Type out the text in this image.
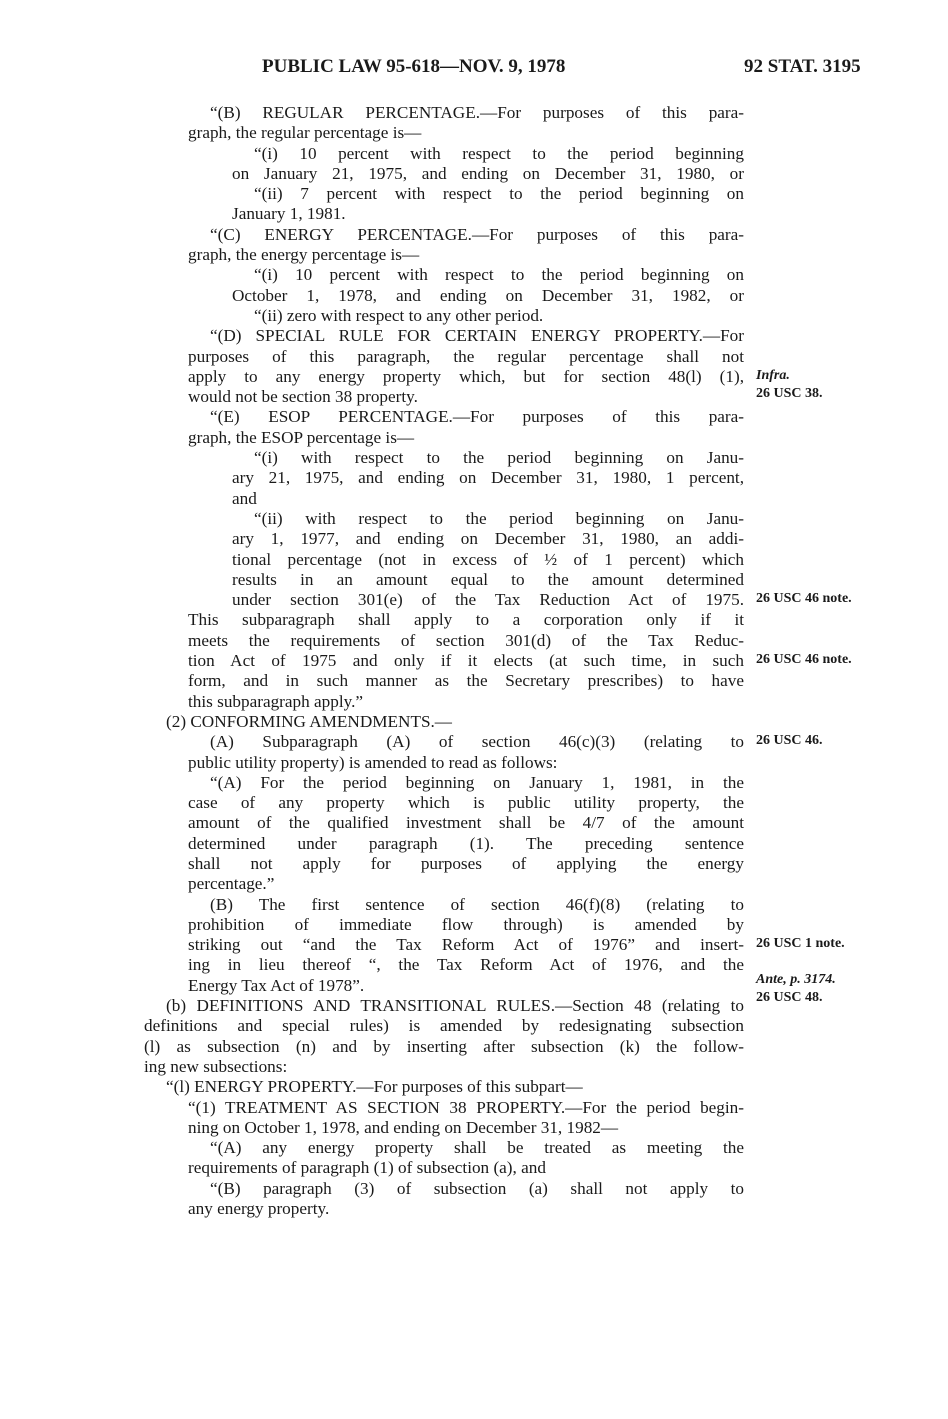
PUBLIC LAW 95-618—NOV. 9, 1978	92 STAT. 3195
“(B) REGULAR PERCENTAGE.—For purposes of this para-
graph, the regular percentage is—
“(i) 10 percent with respect to the period beginning
on January 21, 1975, and ending on December 31, 1980, or
“(ii) 7 percent with respect to the period beginning on
January 1, 1981.
“(C) ENERGY PERCENTAGE.—For purposes of this para-
graph, the energy percentage is—
“(i) 10 percent with respect to the period beginning on
October 1, 1978, and ending on December 31, 1982, or
“(ii) zero with respect to any other period.
“(D) SPECIAL RULE FOR CERTAIN ENERGY PROPERTY.—For
purposes of this paragraph, the regular percentage shall not
apply to any energy property which, but for section 48(l) (1),
would not be section 38 property.
“(E) ESOP PERCENTAGE.—For purposes of this para-
graph, the ESOP percentage is—
“(i) with respect to the period beginning on Janu-
ary 21, 1975, and ending on December 31, 1980, 1 percent,
and
“(ii) with respect to the period beginning on Janu-
ary 1, 1977, and ending on December 31, 1980, an addi-
tional percentage (not in excess of ½ of 1 percent) which
results in an amount equal to the amount determined
under section 301(e) of the Tax Reduction Act of 1975.
This subparagraph shall apply to a corporation only if it
meets the requirements of section 301(d) of the Tax Reduc-
tion Act of 1975 and only if it elects (at such time, in such
form, and in such manner as the Secretary prescribes) to have
this subparagraph apply.”
(2) CONFORMING AMENDMENTS.—
(A) Subparagraph (A) of section 46(c)(3) (relating to
public utility property) is amended to read as follows:
“(A) For the period beginning on January 1, 1981, in the
case of any property which is public utility property, the
amount of the qualified investment shall be 4/7 of the amount
determined under paragraph (1). The preceding sentence
shall not apply for purposes of applying the energy
percentage.”
(B) The first sentence of section 46(f)(8) (relating to
prohibition of immediate flow through) is amended by
striking out “and the Tax Reform Act of 1976” and insert-
ing in lieu thereof “, the Tax Reform Act of 1976, and the
Energy Tax Act of 1978”.
(b) DEFINITIONS AND TRANSITIONAL RULES.—Section 48 (relating to
definitions and special rules) is amended by redesignating subsection
(l) as subsection (n) and by inserting after subsection (k) the follow-
ing new subsections:
“(l) ENERGY PROPERTY.—For purposes of this subpart—
“(1) TREATMENT AS SECTION 38 PROPERTY.—For the period begin-
ning on October 1, 1978, and ending on December 31, 1982—
“(A) any energy property shall be treated as meeting the
requirements of paragraph (1) of subsection (a), and
“(B) paragraph (3) of subsection (a) shall not apply to
any energy property.
Infra.
26 USC 38.
26 USC 46 note.
26 USC 46 note.
26 USC 46.
26 USC 1 note.
Ante, p. 3174.
26 USC 48.
